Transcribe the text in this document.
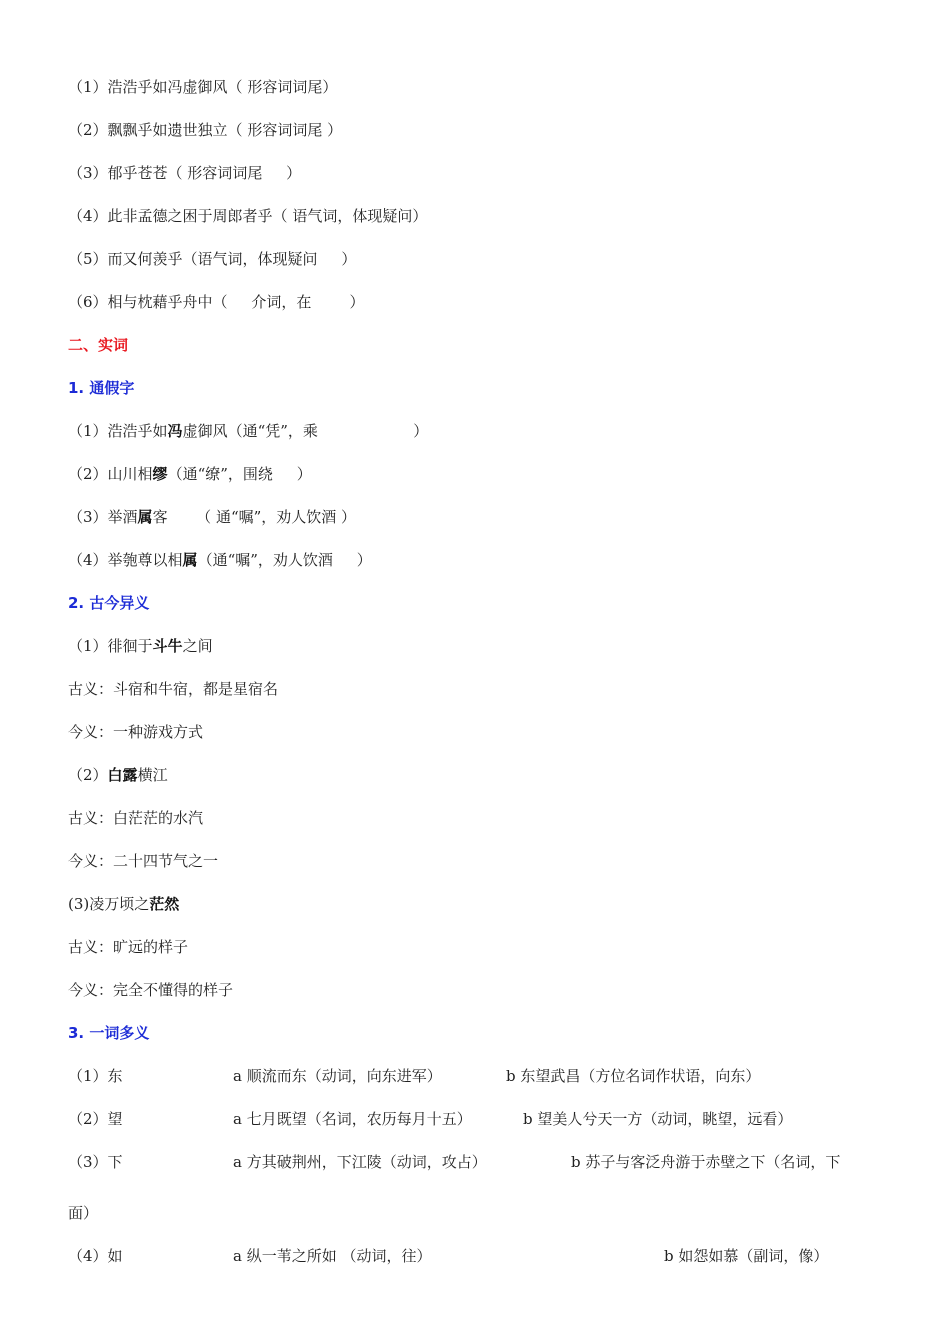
（1）浩浩乎如冯虚御风（ 形容词词尾）
（2）飘飘乎如遗世独立（ 形容词词尾 ）
（3）郁乎苍苍（ 形容词词尾     ）
（4）此非孟德之困于周郎者乎（ 语气词，体现疑问）
（5）而又何羡乎（语气词，体现疑问     ）
（6）相与枕藉乎舟中（     介词，在        ）
二、实词
1. 通假字
（1）浩浩乎如冯虚御风（通“凭”，乘                    ）
（2）山川相缪（通“缭”，围绕     ）
（3）举酒属客      （ 通“嘱”，劝人饮酒 ）
（4）举匏尊以相属（通“嘱”，劝人饮酒     ）
2. 古今异义
（1）徘徊于斗牛之间
古义：斗宿和牛宿，都是星宿名
今义：一种游戏方式
（2）白露横江
古义：白茫茫的水汽
今义：二十四节气之一
(3)凌万顷之茫然
古义：旷远的样子
今义：完全不懂得的样子
3. 一词多义
（1）东	a 顺流而东（动词，向东进军）	b 东望武昌（方位名词作状语，向东）
（2）望	a 七月既望（名词，农历每月十五）	b 望美人兮天一方（动词，眺望，远看）
（3）下	a 方其破荆州，下江陵（动词，攻占）	b 苏子与客泛舟游于赤壁之下（名词，下
面）
（4）如	a 纵一苇之所如 （动词，往）	b 如怨如慕（副词，像）
